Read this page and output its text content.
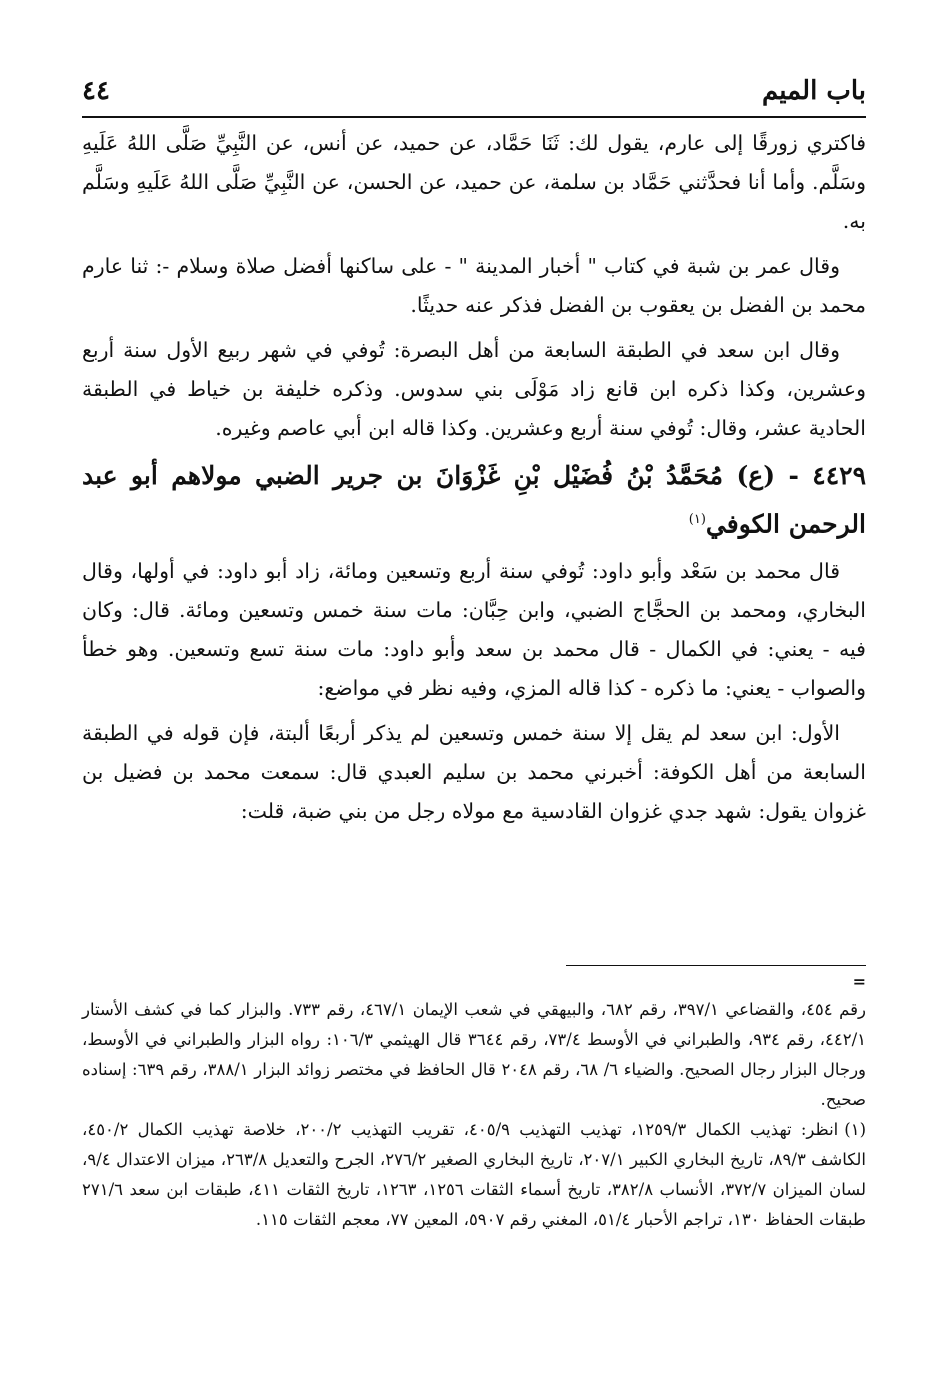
باب الميم
٤٤

فاكتري زورقًا إلى عارم، يقول لك: ثَنَا حَمَّاد، عن حميد، عن أنس، عن النَّبِيِّ صَلَّى اللهُ عَلَيهِ وسَلَّم. وأما أنا فحدَّثني حَمَّاد بن سلمة، عن حميد، عن الحسن، عن النَّبِيِّ صَلَّى اللهُ عَلَيهِ وسَلَّم به.

وقال عمر بن شبة في كتاب " أخبار المدينة " - على ساكنها أفضل صلاة وسلام -: ثنا عارم محمد بن الفضل بن يعقوب بن الفضل فذكر عنه حديثًا.

وقال ابن سعد في الطبقة السابعة من أهل البصرة: تُوفي في شهر ربيع الأول سنة أربع وعشرين، وكذا ذكره ابن قانع زاد مَوْلَى بني سدوس. وذكره خليفة بن خياط في الطبقة الحادية عشر، وقال: تُوفي سنة أربع وعشرين. وكذا قاله ابن أبي عاصم وغيره.

٤٤٢٩ - (ع) مُحَمَّدُ بْنُ فُضَيْل بْنِ غَزْوَانَ بن جرير الضبي مولاهم أبو عبد الرحمن الكوفي$^{(١)}$

قال محمد بن سَعْد وأبو داود: تُوفي سنة أربع وتسعين ومائة، زاد أبو داود: في أولها، وقال البخاري، ومحمد بن الحجَّاج الضبي، وابن حِبَّان: مات سنة خمس وتسعين ومائة. قال: وكان فيه - يعني: في الكمال - قال محمد بن سعد وأبو داود: مات سنة تسع وتسعين. وهو خطأ والصواب - يعني: ما ذكره - كذا قاله المزي، وفيه نظر في مواضع:

الأول: ابن سعد لم يقل إلا سنة خمس وتسعين لم يذكر أربعًا ألبتة، فإن قوله في الطبقة السابعة من أهل الكوفة: أخبرني محمد بن سليم العبدي قال: سمعت محمد بن فضيل بن غزوان يقول: شهد جدي غزوان القادسية مع مولاه رجل من بني ضبة، قلت:

=

رقم ٤٥٤، والقضاعي ٣٩٧/١، رقم ٦٨٢، والبيهقي في شعب الإيمان ٤٦٧/١، رقم ٧٣٣. والبزار كما في كشف الأستار ٤٤٢/١، رقم ٩٣٤، والطبراني في الأوسط ٧٣/٤، رقم ٣٦٤٤ قال الهيثمي ١٠٦/٣: رواه البزار والطبراني في الأوسط، ورجال البزار رجال الصحيح. والضياء ٦/ ٦٨، رقم ٢٠٤٨ قال الحافظ في مختصر زوائد البزار ٣٨٨/١، رقم ٦٣٩: إسناده صحيح.

(١)انظر: تهذيب الكمال ١٢٥٩/٣، تهذيب التهذيب ٤٠٥/٩، تقريب التهذيب ٢٠٠/٢، خلاصة تهذيب الكمال ٤٥٠/٢، الكاشف ٨٩/٣، تاريخ البخاري الكبير ٢٠٧/١، تاريخ البخاري الصغير ٢٧٦/٢، الجرح والتعديل ٢٦٣/٨، ميزان الاعتدال ٩/٤، لسان الميزان ٣٧٢/٧، الأنساب ٣٨٢/٨، تاريخ أسماء الثقات ١٢٥٦، ١٢٦٣، تاريخ الثقات ٤١١، طبقات ابن سعد ٢٧١/٦ طبقات الحفاظ ١٣٠، تراجم الأحبار ٥١/٤، المغني رقم ٥٩٠٧، المعين ٧٧، معجم الثقات ١١٥.
